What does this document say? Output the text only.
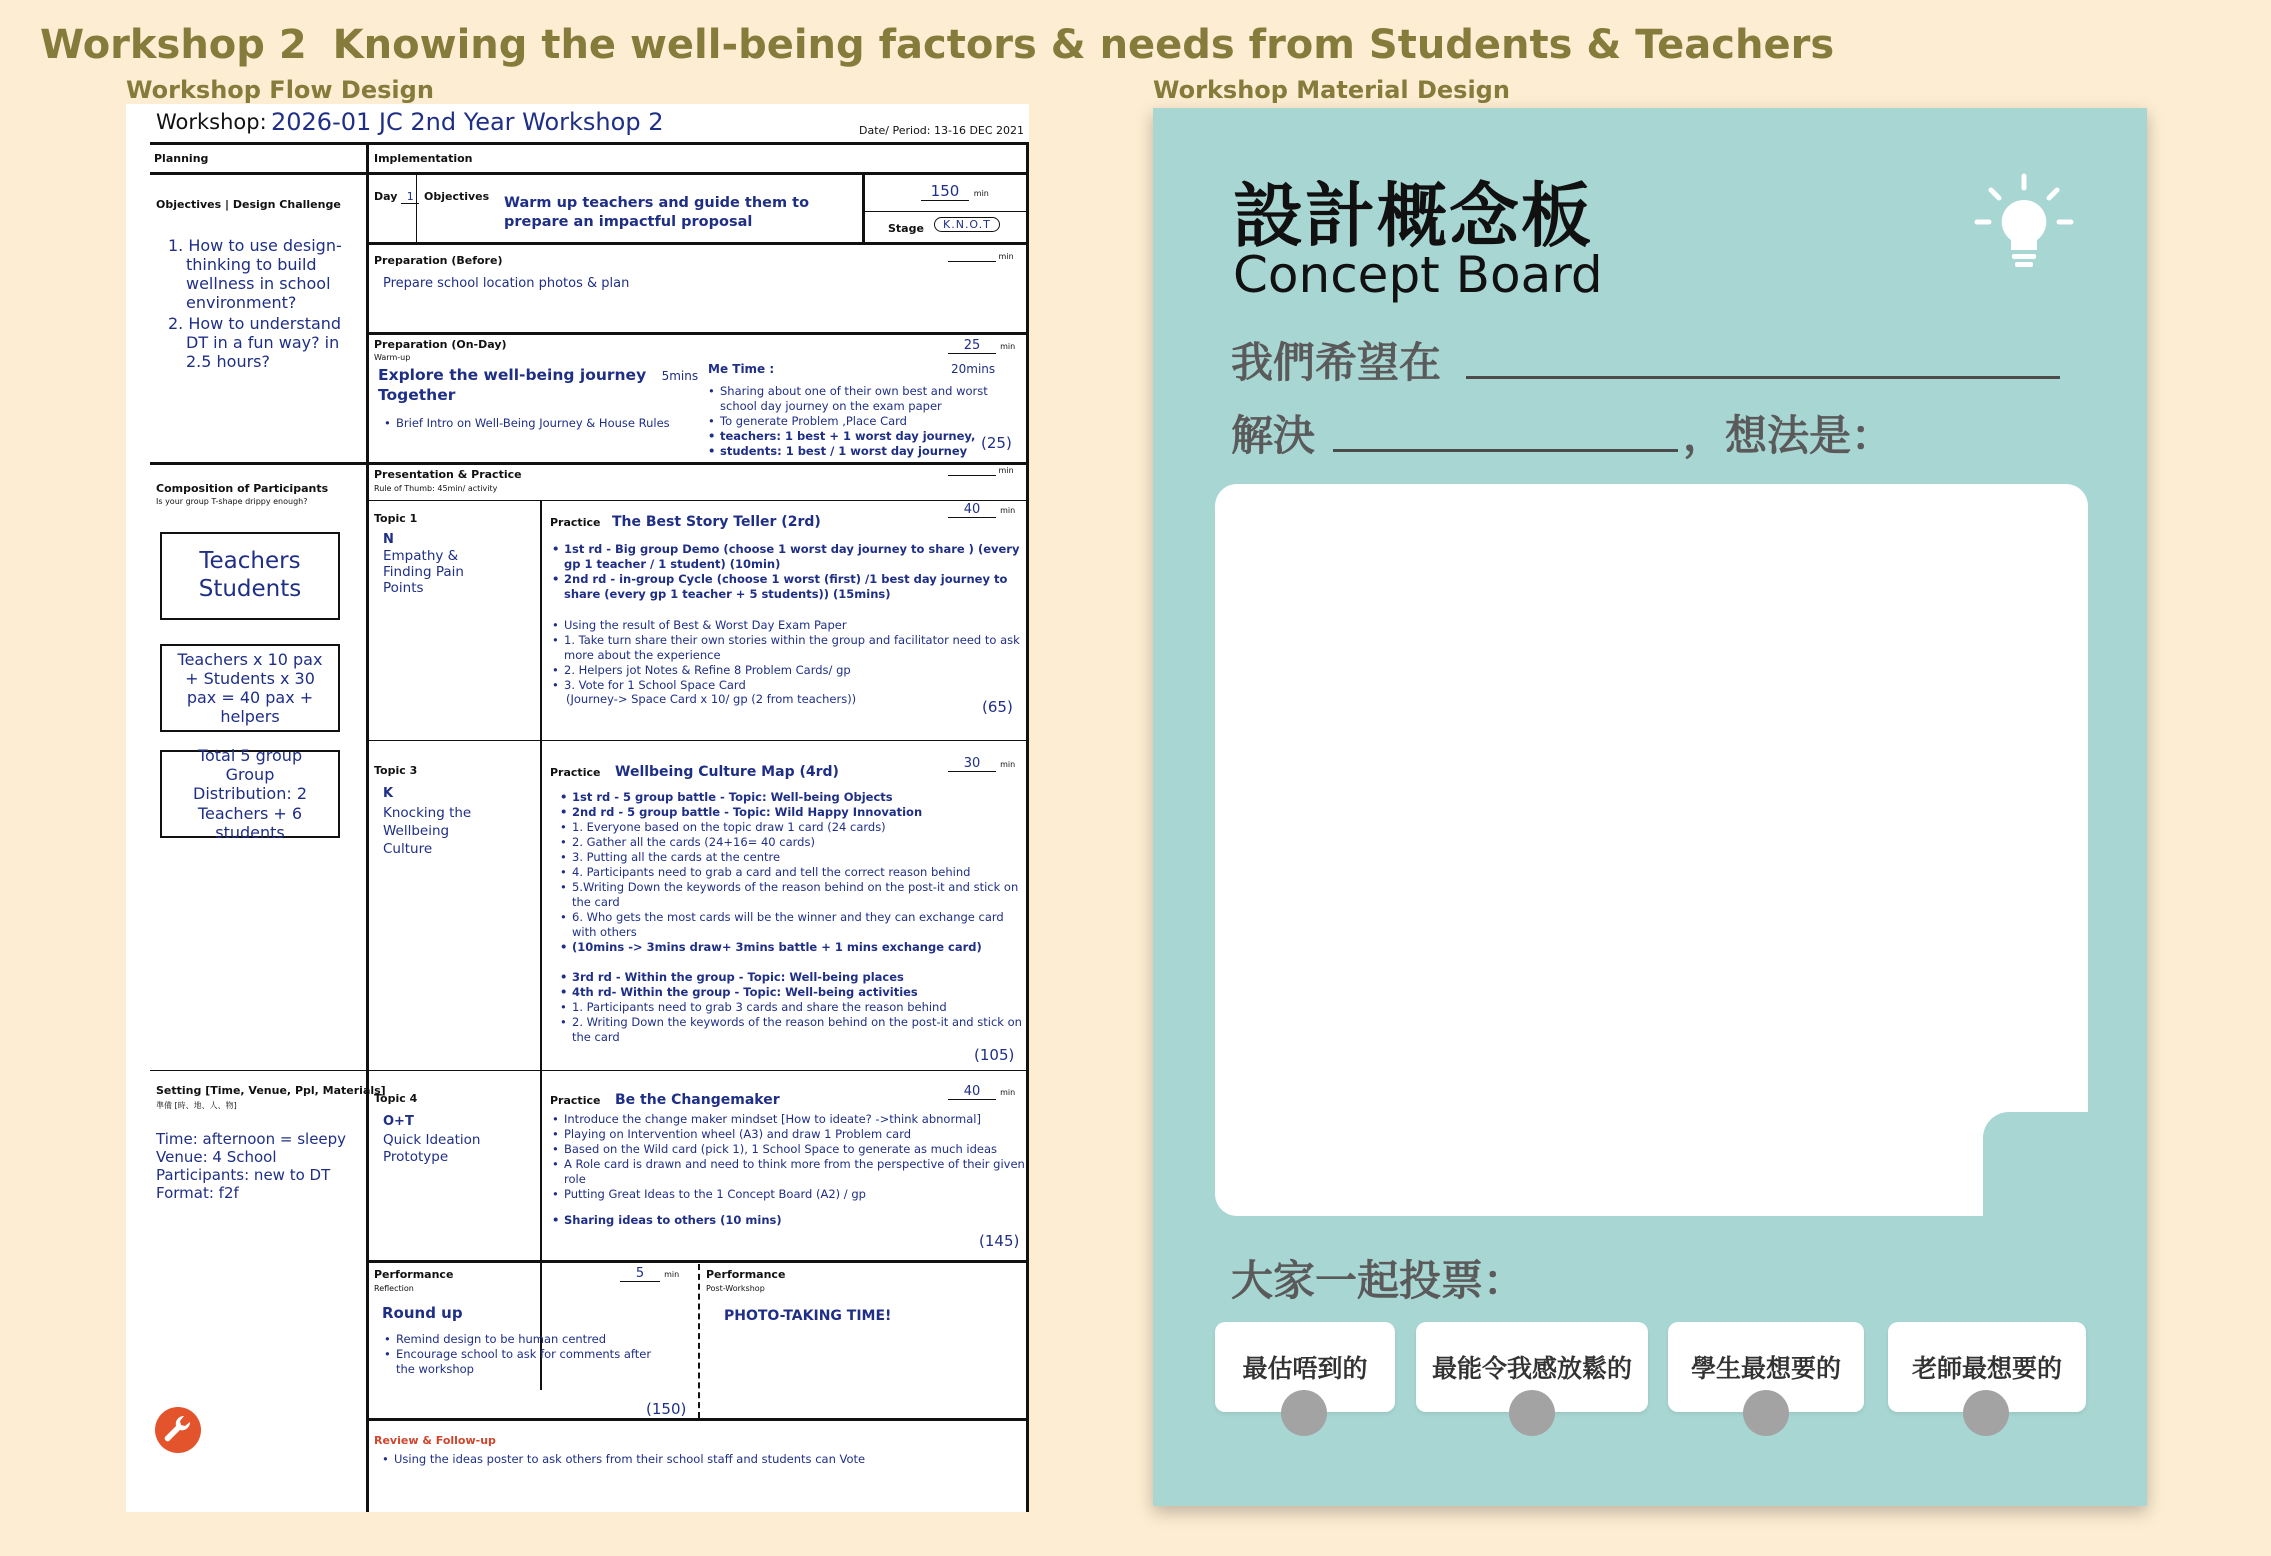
Workshop 2 Knowing the well-being factors & needs from Students & Teachers
Workshop Flow Design	Workshop Material Design
Workshop: 2026-01 JC 2nd Year Workshop 2	Date/ Period: 13-16 DEC 2021
Planning	Implementation
Objectives | Design Challenge
1. How to use design-thinking to build wellness in school environment?
2. How to understand DT in a fun way? in 2.5 hours?
Day 1 Objectives Warm up teachers and guide them to prepare an impactful proposal
150 min
Stage	K.N.O.T
Preparation (Before)	min
Prepare school location photos & plan
Preparation (On-Day)
Warm-up
25 min
Explore the well-being journey 5mins
Together
• Brief Intro on Well-Being Journey & House Rules
Me Time :	20mins
• Sharing about one of their own best and worst school day journey on the exam paper
• To generate Problem ,Place Card
• teachers: 1 best + 1 worst day journey,
• students: 1 best / 1 worst day journey (25)
Composition of Participants
Is your group T-shape drippy enough?
Teachers
Students
Teachers x 10 pax + Students x 30 pax = 40 pax + helpers
Total 5 group Group Distribution: 2 Teachers + 6 students
Presentation & Practice
Rule of Thumb: 45min/ activity
min
Topic 1
N
Empathy & Finding Pain Points
Practice The Best Story Teller (2rd)
40 min
• 1st rd - Big group Demo (choose 1 worst day journey to share ) (every gp 1 teacher / 1 student) (10min)
• 2nd rd - in-group Cycle (choose 1 worst (first) /1 best day journey to share (every gp 1 teacher + 5 students)) (15mins)
• Using the result of Best & Worst Day Exam Paper
• 1. Take turn share their own stories within the group and facilitator need to ask more about the experience
• 2. Helpers jot Notes & Refine 8 Problem Cards/ gp
• 3. Vote for 1 School Space Card
(Journey-> Space Card x 10/ gp (2 from teachers))	(65)
Topic 3
K
Knocking the Wellbeing Culture
Practice Wellbeing Culture Map (4rd)
30 min
• 1st rd - 5 group battle - Topic: Well-being Objects
• 2nd rd - 5 group battle - Topic: Wild Happy Innovation
• 1. Everyone based on the topic draw 1 card (24 cards)
• 2. Gather all the cards (24+16= 40 cards)
• 3. Putting all the cards at the centre
• 4. Participants need to grab a card and tell the correct reason behind
• 5.Writing Down the keywords of the reason behind on the post-it and stick on the card
• 6. Who gets the most cards will be the winner and they can exchange card with others
• (10mins -> 3mins draw+ 3mins battle + 1 mins exchange card)
• 3rd rd - Within the group - Topic: Well-being places
• 4th rd- Within the group - Topic: Well-being activities
• 1. Participants need to grab 3 cards and share the reason behind
• 2. Writing Down the keywords of the reason behind on the post-it and stick on the card
(105)
Setting [Time, Venue, Ppl, Materials]
準備 [時、地、人、物]
Time: afternoon = sleepy
Venue: 4 School
Participants: new to DT
Format: f2f
Topic 4
O+T
Quick Ideation Prototype
Practice Be the Changemaker
40 min
• Introduce the change maker mindset [How to ideate? ->think abnormal]
• Playing on Intervention wheel (A3) and draw 1 Problem card
• Based on the Wild card (pick 1), 1 School Space to generate as much ideas
• A Role card is drawn and need to think more from the perspective of their given role
• Putting Great Ideas to the 1 Concept Board (A2) / gp
• Sharing ideas to others (10 mins)
(145)
Performance
Reflection
5	min
Round up
• Remind design to be human centred
• Encourage school to ask for comments after the workshop
(150)
Performance
Post-Workshop
PHOTO-TAKING TIME!
Review & Follow-up
• Using the ideas poster to ask others from their school staff and students can Vote
設計概念板
Concept Board
我們希望在
解決	，想法是：
大家一起投票：
最估唔到的	最能令我感放鬆的	學生最想要的	老師最想要的
